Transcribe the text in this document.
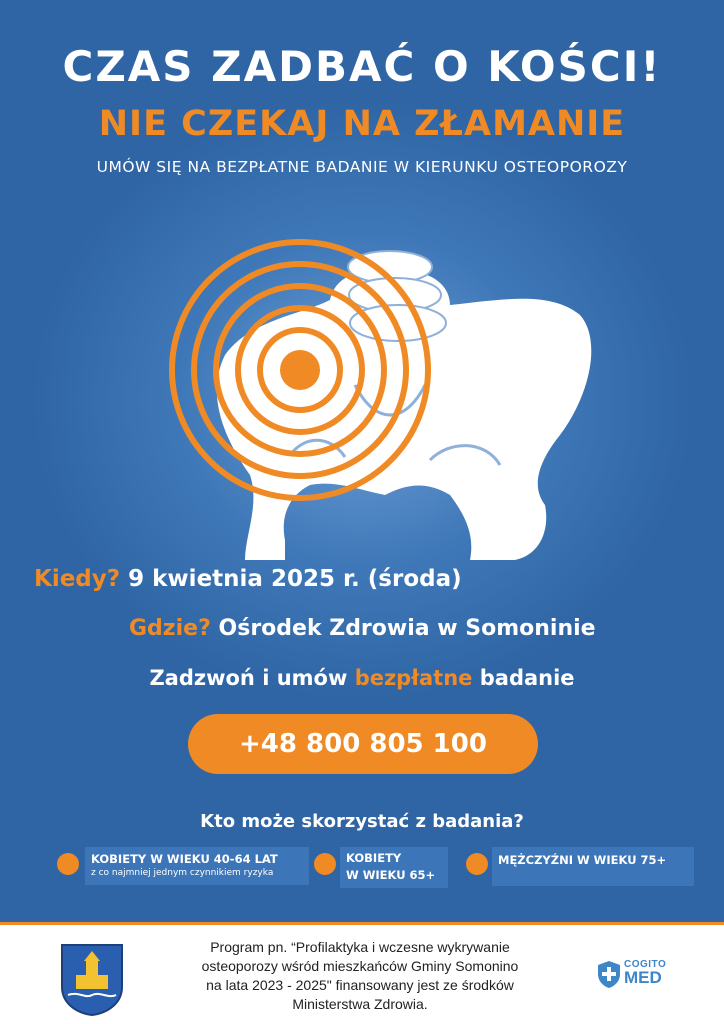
CZAS ZADBAĆ O KOŚCI!
NIE CZEKAJ NA ZŁAMANIE
UMÓW SIĘ NA BEZPŁATNE BADANIE W KIERUNKU OSTEOPOROZY
Kiedy? 9 kwietnia 2025 r. (środa)
Gdzie? Ośrodek Zdrowia w Somoninie
Zadzwoń i umów bezpłatne badanie
+48 800 805 100
Kto może skorzystać z badania?
KOBIETY W WIEKU 40-64 LAT
z co najmniej jednym czynnikiem ryzyka
KOBIETY
W WIEKU 65+
MĘŻCZYŹNI W WIEKU 75+
Program pn. “Profilaktyka i wczesne wykrywanie
osteoporozy wśród mieszkańców Gminy Somonino
na lata 2023 - 2025" finansowany jest ze środków
Ministerstwa Zdrowia.
COGITO
MED
